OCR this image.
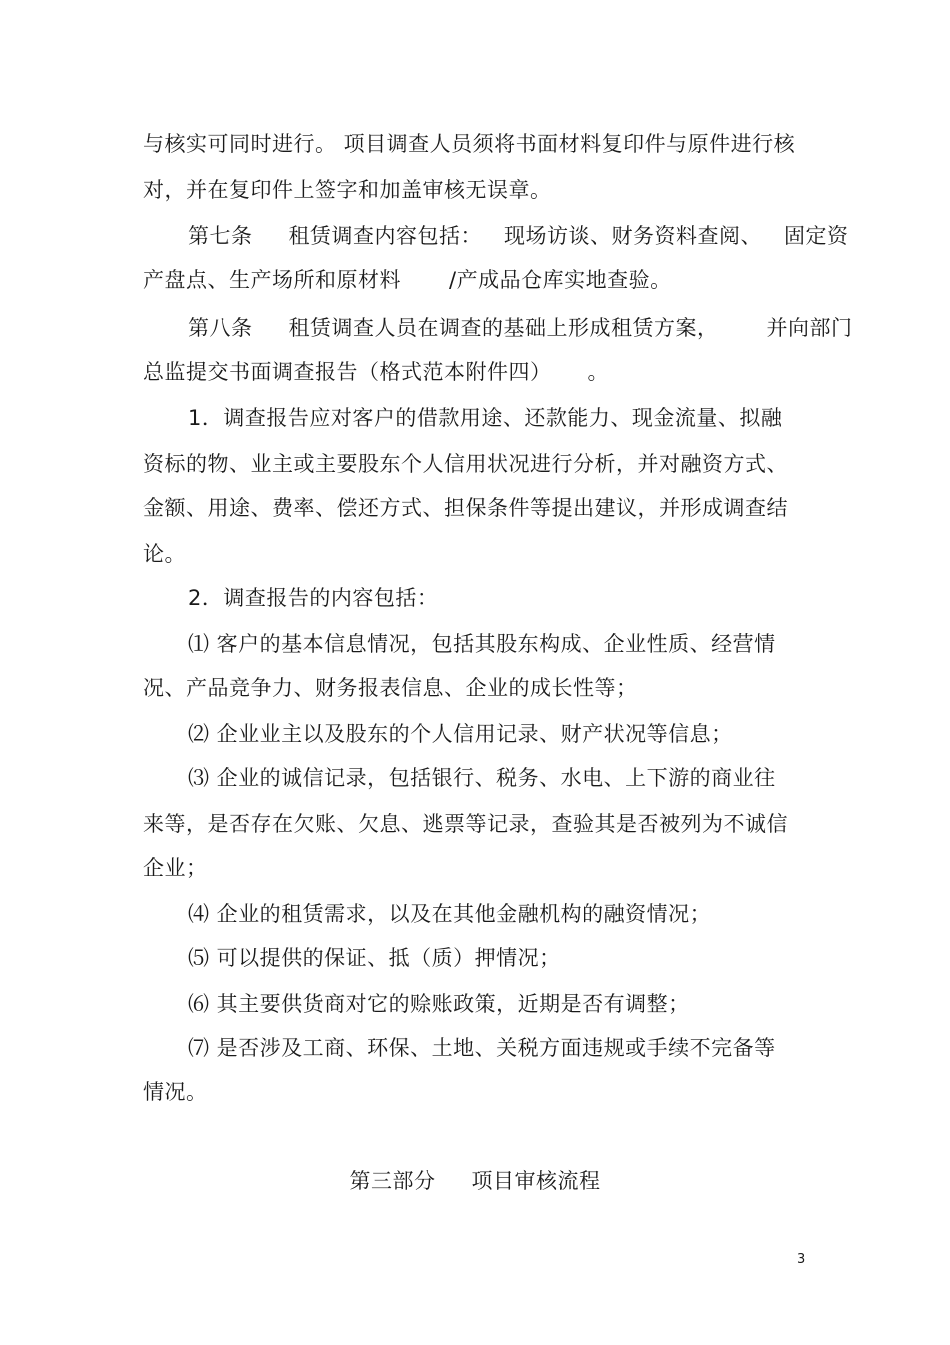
与核实可同时进行。 项目调查人员须将书面材料复印件与原件进行核
对，并在复印件上签字和加盖审核无误章。
第七条 租赁调查内容包括： 现场访谈、财务资料查阅、 固定资
产盘点、生产场所和原材料 /产成品仓库实地查验。
第八条 租赁调查人员在调查的基础上形成租赁方案， 并向部门
总监提交书面调查报告（格式范本附件四） 。
1．调查报告应对客户的借款用途、还款能力、现金流量、拟融
资标的物、业主或主要股东个人信用状况进行分析，并对融资方式、
金额、用途、费率、偿还方式、担保条件等提出建议，并形成调查结
论。
2．调查报告的内容包括：
⑴ 客户的基本信息情况，包括其股东构成、企业性质、经营情
况、产品竞争力、财务报表信息、企业的成长性等；
⑵ 企业业主以及股东的个人信用记录、财产状况等信息；
⑶ 企业的诚信记录，包括银行、税务、水电、上下游的商业往
来等，是否存在欠账、欠息、逃票等记录，查验其是否被列为不诚信
企业；
⑷ 企业的租赁需求，以及在其他金融机构的融资情况；
⑸ 可以提供的保证、抵（质）押情况；
⑹ 其主要供货商对它的赊账政策，近期是否有调整；
⑺ 是否涉及工商、环保、土地、关税方面违规或手续不完备等
情况。
第三部分 项目审核流程
3
